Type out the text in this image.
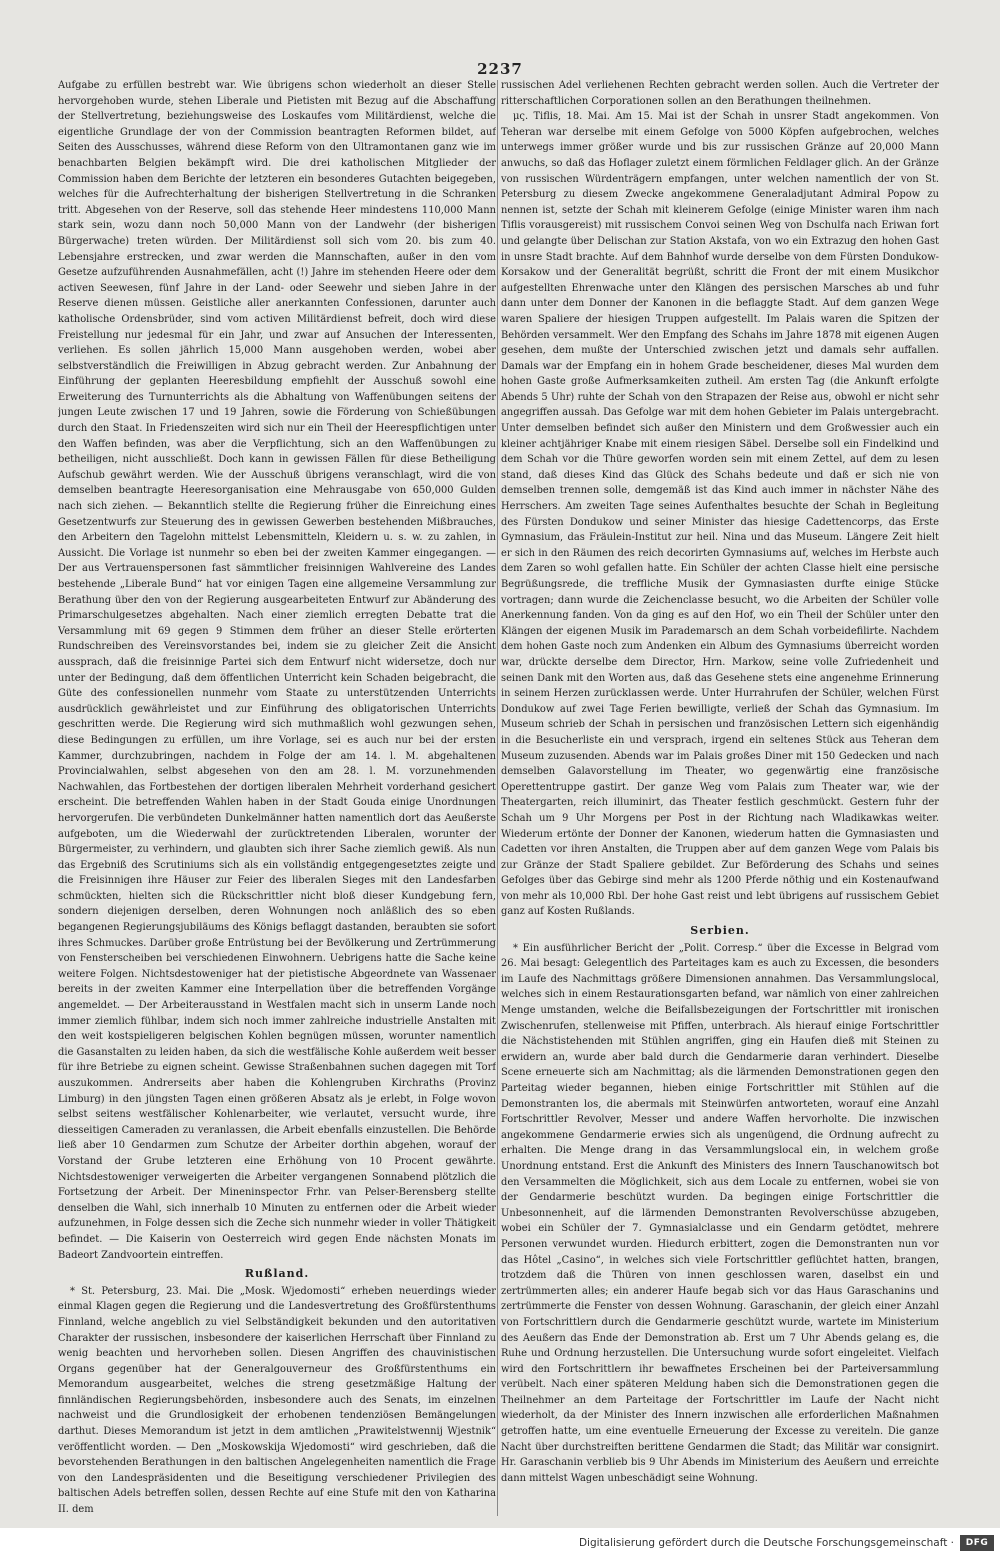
2237

Aufgabe zu erfüllen bestrebt war. Wie übrigens schon wiederholt an dieser Stelle hervorgehoben wurde, stehen Liberale und Pietisten mit Bezug auf die Abschaffung der Stellvertretung, beziehungsweise des Loskaufes vom Militärdienst, welche die eigentliche Grundlage der von der Commission beantragten Reformen bildet, auf Seiten des Ausschusses, während diese Reform von den Ultramontanen ganz wie im benachbarten Belgien bekämpft wird. Die drei katholischen Mitglieder der Commission haben dem Berichte der letzteren ein besonderes Gutachten beigegeben, welches für die Aufrechterhaltung der bisherigen Stellvertretung in die Schranken tritt. Abgesehen von der Reserve, soll das stehende Heer mindestens 110,000 Mann stark sein, wozu dann noch 50,000 Mann von der Landwehr (der bisherigen Bürgerwache) treten würden. Der Militärdienst soll sich vom 20. bis zum 40. Lebensjahre erstrecken, und zwar werden die Mannschaften, außer in den vom Gesetze aufzuführenden Ausnahmefällen, acht (!) Jahre im stehenden Heere oder dem activen Seewesen, fünf Jahre in der Land- oder Seewehr und sieben Jahre in der Reserve dienen müssen. Geistliche aller anerkannten Confessionen, darunter auch katholische Ordensbrüder, sind vom activen Militärdienst befreit, doch wird diese Freistellung nur jedesmal für ein Jahr, und zwar auf Ansuchen der Interessenten, verliehen. Es sollen jährlich 15,000 Mann ausgehoben werden, wobei aber selbstverständlich die Freiwilligen in Abzug gebracht werden. Zur Anbahnung der Einführung der geplanten Heeresbildung empfiehlt der Ausschuß sowohl eine Erweiterung des Turnunterrichts als die Abhaltung von Waffenübungen seitens der jungen Leute zwischen 17 und 19 Jahren, sowie die Förderung von Schießübungen durch den Staat. In Friedenszeiten wird sich nur ein Theil der Heerespflichtigen unter den Waffen befinden, was aber die Verpflichtung, sich an den Waffenübungen zu betheiligen, nicht ausschließt. Doch kann in gewissen Fällen für diese Betheiligung Aufschub gewährt werden. Wie der Ausschuß übrigens veranschlagt, wird die von demselben beantragte Heeresorganisation eine Mehrausgabe von 650,000 Gulden nach sich ziehen. — Bekanntlich stellte die Regierung früher die Einreichung eines Gesetzentwurfs zur Steuerung des in gewissen Gewerben bestehenden Mißbrauches, den Arbeitern den Tagelohn mittelst Lebensmitteln, Kleidern u. s. w. zu zahlen, in Aussicht. Die Vorlage ist nunmehr so eben bei der zweiten Kammer eingegangen. — Der aus Vertrauenspersonen fast sämmtlicher freisinnigen Wahlvereine des Landes bestehende „Liberale Bund“ hat vor einigen Tagen eine allgemeine Versammlung zur Berathung über den von der Regierung ausgearbeiteten Entwurf zur Abänderung des Primarschulgesetzes abgehalten. Nach einer ziemlich erregten Debatte trat die Versammlung mit 69 gegen 9 Stimmen dem früher an dieser Stelle erörterten Rundschreiben des Vereinsvorstandes bei, indem sie zu gleicher Zeit die Ansicht aussprach, daß die freisinnige Partei sich dem Entwurf nicht widersetze, doch nur unter der Bedingung, daß dem öffentlichen Unterricht kein Schaden beigebracht, die Güte des confessionellen nunmehr vom Staate zu unterstützenden Unterrichts ausdrücklich gewährleistet und zur Einführung des obligatorischen Unterrichts geschritten werde. Die Regierung wird sich muthmaßlich wohl gezwungen sehen, diese Bedingungen zu erfüllen, um ihre Vorlage, sei es auch nur bei der ersten Kammer, durchzubringen, nachdem in Folge der am 14. l. M. abgehaltenen Provincialwahlen, selbst abgesehen von den am 28. l. M. vorzunehmenden Nachwahlen, das Fortbestehen der dortigen liberalen Mehrheit vorderhand gesichert erscheint. Die betreffenden Wahlen haben in der Stadt Gouda einige Unordnungen hervorgerufen. Die verbündeten Dunkelmänner hatten namentlich dort das Aeußerste aufgeboten, um die Wiederwahl der zurücktretenden Liberalen, worunter der Bürgermeister, zu verhindern, und glaubten sich ihrer Sache ziemlich gewiß. Als nun das Ergebniß des Scrutiniums sich als ein vollständig entgegengesetztes zeigte und die Freisinnigen ihre Häuser zur Feier des liberalen Sieges mit den Landesfarben schmückten, hielten sich die Rückschrittler nicht bloß dieser Kundgebung fern, sondern diejenigen derselben, deren Wohnungen noch anläßlich des so eben begangenen Regierungsjubiläums des Königs beflaggt dastanden, beraubten sie sofort ihres Schmuckes. Darüber große Entrüstung bei der Bevölkerung und Zertrümmerung von Fensterscheiben bei verschiedenen Einwohnern. Uebrigens hatte die Sache keine weitere Folgen. Nichtsdestoweniger hat der pietistische Abgeordnete van Wassenaer bereits in der zweiten Kammer eine Interpellation über die betreffenden Vorgänge angemeldet. — Der Arbeiterausstand in Westfalen macht sich in unserm Lande noch immer ziemlich fühlbar, indem sich noch immer zahlreiche industrielle Anstalten mit den weit kostspieligeren belgischen Kohlen begnügen müssen, worunter namentlich die Gasanstalten zu leiden haben, da sich die westfälische Kohle außerdem weit besser für ihre Betriebe zu eignen scheint. Gewisse Straßenbahnen suchen dagegen mit Torf auszukommen. Andrerseits aber haben die Kohlengruben Kirchraths (Provinz Limburg) in den jüngsten Tagen einen größeren Absatz als je erlebt, in Folge wovon selbst seitens westfälischer Kohlenarbeiter, wie verlautet, versucht wurde, ihre diesseitigen Cameraden zu veranlassen, die Arbeit ebenfalls einzustellen. Die Behörde ließ aber 10 Gendarmen zum Schutze der Arbeiter dorthin abgehen, worauf der Vorstand der Grube letzteren eine Erhöhung von 10 Procent gewährte. Nichtsdestoweniger verweigerten die Arbeiter vergangenen Sonnabend plötzlich die Fortsetzung der Arbeit. Der Mineninspector Frhr. van Pelser-Berensberg stellte denselben die Wahl, sich innerhalb 10 Minuten zu entfernen oder die Arbeit wieder aufzunehmen, in Folge dessen sich die Zeche sich nunmehr wieder in voller Thätigkeit befindet. — Die Kaiserin von Oesterreich wird gegen Ende nächsten Monats im Badeort Zandvoortein eintreffen.

Rußland.

* St. Petersburg, 23. Mai. Die „Mosk. Wjedomosti“ erheben neuerdings wieder einmal Klagen gegen die Regierung und die Landesvertretung des Großfürstenthums Finnland, welche angeblich zu viel Selbständigkeit bekunden und den autoritativen Charakter der russischen, insbesondere der kaiserlichen Herrschaft über Finnland zu wenig beachten und hervorheben sollen. Diesen Angriffen des chauvinistischen Organs gegenüber hat der Generalgouverneur des Großfürstenthums ein Memorandum ausgearbeitet, welches die streng gesetzmäßige Haltung der finnländischen Regierungsbehörden, insbesondere auch des Senats, im einzelnen nachweist und die Grundlosigkeit der erhobenen tendenziösen Bemängelungen darthut. Dieses Memorandum ist jetzt in dem amtlichen „Prawitelstwennij Wjestnik“ veröffentlicht worden. — Den „Moskowskija Wjedomosti“ wird geschrieben, daß die bevorstehenden Berathungen in den baltischen Angelegenheiten namentlich die Frage von den Landespräsidenten und die Beseitigung verschiedener Privilegien des baltischen Adels betreffen sollen, dessen Rechte auf eine Stufe mit den von Katharina II. dem

russischen Adel verliehenen Rechten gebracht werden sollen. Auch die Vertreter der ritterschaftlichen Corporationen sollen an den Berathungen theilnehmen.

μς. Tiflis, 18. Mai. Am 15. Mai ist der Schah in unsrer Stadt angekommen. Von Teheran war derselbe mit einem Gefolge von 5000 Köpfen aufgebrochen, welches unterwegs immer größer wurde und bis zur russischen Gränze auf 20,000 Mann anwuchs, so daß das Hoflager zuletzt einem förmlichen Feldlager glich. An der Gränze von russischen Würdenträgern empfangen, unter welchen namentlich der von St. Petersburg zu diesem Zwecke angekommene Generaladjutant Admiral Popow zu nennen ist, setzte der Schah mit kleinerem Gefolge (einige Minister waren ihm nach Tiflis vorausgereist) mit russischem Convoi seinen Weg von Dschulfa nach Eriwan fort und gelangte über Delischan zur Station Akstafa, von wo ein Extrazug den hohen Gast in unsre Stadt brachte. Auf dem Bahnhof wurde derselbe von dem Fürsten Dondukow-Korsakow und der Generalität begrüßt, schritt die Front der mit einem Musikchor aufgestellten Ehrenwache unter den Klängen des persischen Marsches ab und fuhr dann unter dem Donner der Kanonen in die beflaggte Stadt. Auf dem ganzen Wege waren Spaliere der hiesigen Truppen aufgestellt. Im Palais waren die Spitzen der Behörden versammelt. Wer den Empfang des Schahs im Jahre 1878 mit eigenen Augen gesehen, dem mußte der Unterschied zwischen jetzt und damals sehr auffallen. Damals war der Empfang ein in hohem Grade bescheidener, dieses Mal wurden dem hohen Gaste große Aufmerksamkeiten zutheil. Am ersten Tag (die Ankunft erfolgte Abends 5 Uhr) ruhte der Schah von den Strapazen der Reise aus, obwohl er nicht sehr angegriffen aussah. Das Gefolge war mit dem hohen Gebieter im Palais untergebracht. Unter demselben befindet sich außer den Ministern und dem Großwessier auch ein kleiner achtjähriger Knabe mit einem riesigen Säbel. Derselbe soll ein Findelkind und dem Schah vor die Thüre geworfen worden sein mit einem Zettel, auf dem zu lesen stand, daß dieses Kind das Glück des Schahs bedeute und daß er sich nie von demselben trennen solle, demgemäß ist das Kind auch immer in nächster Nähe des Herrschers. Am zweiten Tage seines Aufenthaltes besuchte der Schah in Begleitung des Fürsten Dondukow und seiner Minister das hiesige Cadettencorps, das Erste Gymnasium, das Fräulein-Institut zur heil. Nina und das Museum. Längere Zeit hielt er sich in den Räumen des reich decorirten Gymnasiums auf, welches im Herbste auch dem Zaren so wohl gefallen hatte. Ein Schüler der achten Classe hielt eine persische Begrüßungsrede, die treffliche Musik der Gymnasiasten durfte einige Stücke vortragen; dann wurde die Zeichenclasse besucht, wo die Arbeiten der Schüler volle Anerkennung fanden. Von da ging es auf den Hof, wo ein Theil der Schüler unter den Klängen der eigenen Musik im Parademarsch an dem Schah vorbeidefilirte. Nachdem dem hohen Gaste noch zum Andenken ein Album des Gymnasiums überreicht worden war, drückte derselbe dem Director, Hrn. Markow, seine volle Zufriedenheit und seinen Dank mit den Worten aus, daß das Gesehene stets eine angenehme Erinnerung in seinem Herzen zurücklassen werde. Unter Hurrahrufen der Schüler, welchen Fürst Dondukow auf zwei Tage Ferien bewilligte, verließ der Schah das Gymnasium. Im Museum schrieb der Schah in persischen und französischen Lettern sich eigenhändig in die Besucherliste ein und versprach, irgend ein seltenes Stück aus Teheran dem Museum zuzusenden. Abends war im Palais großes Diner mit 150 Gedecken und nach demselben Galavorstellung im Theater, wo gegenwärtig eine französische Operettentruppe gastirt. Der ganze Weg vom Palais zum Theater war, wie der Theatergarten, reich illuminirt, das Theater festlich geschmückt. Gestern fuhr der Schah um 9 Uhr Morgens per Post in der Richtung nach Wladikawkas weiter. Wiederum ertönte der Donner der Kanonen, wiederum hatten die Gymnasiasten und Cadetten vor ihren Anstalten, die Truppen aber auf dem ganzen Wege vom Palais bis zur Gränze der Stadt Spaliere gebildet. Zur Beförderung des Schahs und seines Gefolges über das Gebirge sind mehr als 1200 Pferde nöthig und ein Kostenaufwand von mehr als 10,000 Rbl. Der hohe Gast reist und lebt übrigens auf russischem Gebiet ganz auf Kosten Rußlands.

Serbien.

* Ein ausführlicher Bericht der „Polit. Corresp.“ über die Excesse in Belgrad vom 26. Mai besagt: Gelegentlich des Parteitages kam es auch zu Excessen, die besonders im Laufe des Nachmittags größere Dimensionen annahmen. Das Versammlungslocal, welches sich in einem Restaurationsgarten befand, war nämlich von einer zahlreichen Menge umstanden, welche die Beifallsbezeigungen der Fortschrittler mit ironischen Zwischenrufen, stellenweise mit Pfiffen, unterbrach. Als hierauf einige Fortschrittler die Nächstistehenden mit Stühlen angriffen, ging ein Haufen dieß mit Steinen zu erwidern an, wurde aber bald durch die Gendarmerie daran verhindert. Dieselbe Scene erneuerte sich am Nachmittag; als die lärmenden Demonstrationen gegen den Parteitag wieder begannen, hieben einige Fortschrittler mit Stühlen auf die Demonstranten los, die abermals mit Steinwürfen antworteten, worauf eine Anzahl Fortschrittler Revolver, Messer und andere Waffen hervorholte. Die inzwischen angekommene Gendarmerie erwies sich als ungenügend, die Ordnung aufrecht zu erhalten. Die Menge drang in das Versammlungslocal ein, in welchem große Unordnung entstand. Erst die Ankunft des Ministers des Innern Tauschanowitsch bot den Versammelten die Möglichkeit, sich aus dem Locale zu entfernen, wobei sie von der Gendarmerie beschützt wurden. Da begingen einige Fortschrittler die Unbesonnenheit, auf die lärmenden Demonstranten Revolverschüsse abzugeben, wobei ein Schüler der 7. Gymnasialclasse und ein Gendarm getödtet, mehrere Personen verwundet wurden. Hiedurch erbittert, zogen die Demonstranten nun vor das Hôtel „Casino“, in welches sich viele Fortschrittler geflüchtet hatten, brangen, trotzdem daß die Thüren von innen geschlossen waren, daselbst ein und zertrümmerten alles; ein anderer Haufe begab sich vor das Haus Garaschanins und zertrümmerte die Fenster von dessen Wohnung. Garaschanin, der gleich einer Anzahl von Fortschrittlern durch die Gendarmerie geschützt wurde, wartete im Ministerium des Aeußern das Ende der Demonstration ab. Erst um 7 Uhr Abends gelang es, die Ruhe und Ordnung herzustellen. Die Untersuchung wurde sofort eingeleitet. Vielfach wird den Fortschrittlern ihr bewaffnetes Erscheinen bei der Parteiversammlung verübelt. Nach einer späteren Meldung haben sich die Demonstrationen gegen die Theilnehmer an dem Parteitage der Fortschrittler im Laufe der Nacht nicht wiederholt, da der Minister des Innern inzwischen alle erforderlichen Maßnahmen getroffen hatte, um eine eventuelle Erneuerung der Excesse zu vereiteln. Die ganze Nacht über durchstreiften berittene Gendarmen die Stadt; das Militär war consignirt. Hr. Garaschanin verblieb bis 9 Uhr Abends im Ministerium des Aeußern und erreichte dann mittelst Wagen unbeschädigt seine Wohnung.

Digitalisierung gefördert durch die Deutsche Forschungsgemeinschaft ·	DFG
